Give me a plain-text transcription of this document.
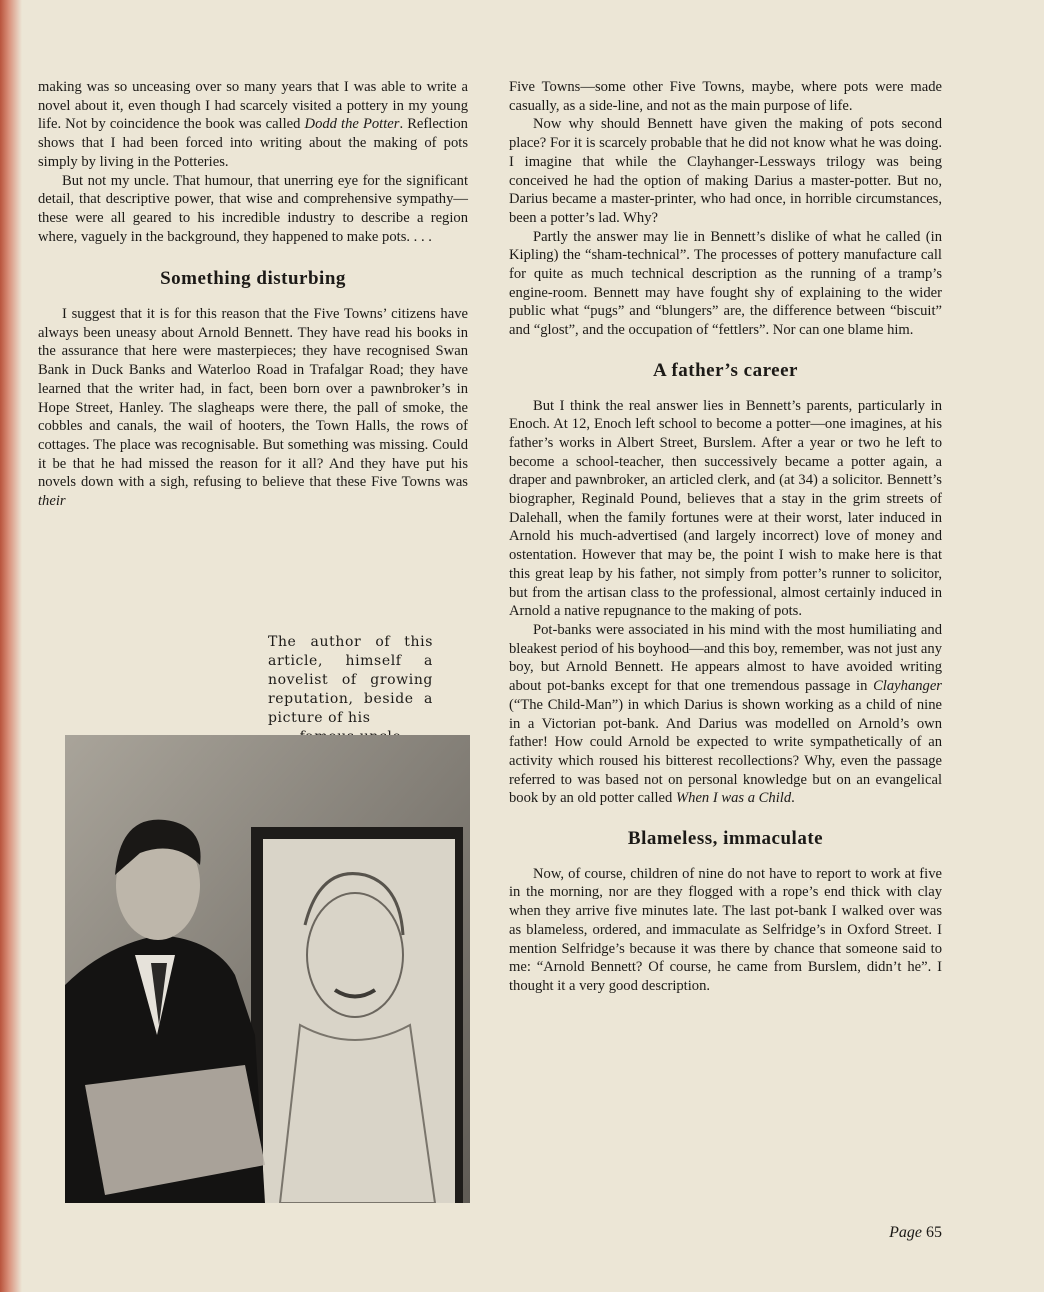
making was so unceasing over so many years that I was able to write a novel about it, even though I had scarcely visited a pottery in my young life. Not by coincidence the book was called Dodd the Potter. Reflection shows that I had been forced into writing about the making of pots simply by living in the Potteries.

But not my uncle. That humour, that unerring eye for the significant detail, that descriptive power, that wise and comprehensive sympathy—these were all geared to his incredible industry to describe a region where, vaguely in the background, they happened to make pots. . . .

Something disturbing

I suggest that it is for this reason that the Five Towns’ citizens have always been uneasy about Arnold Bennett. They have read his books in the assurance that here were masterpieces; they have recognised Swan Bank in Duck Banks and Waterloo Road in Trafalgar Road; they have learned that the writer had, in fact, been born over a pawnbroker’s in Hope Street, Hanley. The slagheaps were there, the pall of smoke, the cobbles and canals, the wail of hooters, the Town Halls, the rows of cottages. The place was recognisable. But something was missing. Could it be that he had missed the reason for it all? And they have put his novels down with a sigh, refusing to believe that these Five Towns was their

The author of this article, himself a novelist of growing reputation, beside a picture of his

Five Towns—some other Five Towns, maybe, where pots were made casually, as a side-line, and not as the main purpose of life.

Now why should Bennett have given the making of pots second place? For it is scarcely probable that he did not know what he was doing. I imagine that while the Clayhanger-Lessways trilogy was being conceived he had the option of making Darius a master-potter. But no, Darius became a master-printer, who had once, in horrible circumstances, been a potter’s lad. Why?

Partly the answer may lie in Bennett’s dislike of what he called (in Kipling) the “sham-technical”. The processes of pottery manufacture call for quite as much technical description as the running of a tramp’s engine-room. Bennett may have fought shy of explaining to the wider public what “pugs” and “blungers” are, the difference between “biscuit” and “glost”, and the occupation of “fettlers”. Nor can one blame him.

A father’s career

But I think the real answer lies in Bennett’s parents, particularly in Enoch. At 12, Enoch left school to become a potter—one imagines, at his father’s works in Albert Street, Burslem. After a year or two he left to become a school-teacher, then successively became a potter again, a draper and pawnbroker, an articled clerk, and (at 34) a solicitor. Bennett’s biographer, Reginald Pound, believes that a stay in the grim streets of Dalehall, when the family fortunes were at their worst, later induced in Arnold his much-advertised (and largely incorrect) love of money and ostentation. However that may be, the point I wish to make here is that this great leap by his father, not simply from potter’s runner to solicitor, but from the artisan class to the professional, almost certainly induced in Arnold a native repugnance to the making of pots.

Pot-banks were associated in his mind with the most humiliating and bleakest period of his boyhood—and this boy, remember, was not just any boy, but Arnold Bennett. He appears almost to have avoided writing about pot-banks except for that one tremendous passage in Clayhanger (“The Child-Man”) in which Darius is shown working as a child of nine in a Victorian pot-bank. And Darius was modelled on Arnold’s own father! How could Arnold be expected to write sympathetically of an activity which roused his bitterest recollections? Why, even the passage referred to was based not on personal knowledge but on an evangelical book by an old potter called When I was a Child.

Blameless, immaculate

Now, of course, children of nine do not have to report to work at five in the morning, nor are they flogged with a rope’s end thick with clay when they arrive five minutes late. The last pot-bank I walked over was as blameless, ordered, and immaculate as Selfridge’s in Oxford Street. I mention Selfridge’s because it was there by chance that someone said to me: “Arnold Bennett? Of course, he came from Burslem, didn’t he”. I thought it a very good description.

Page 65
